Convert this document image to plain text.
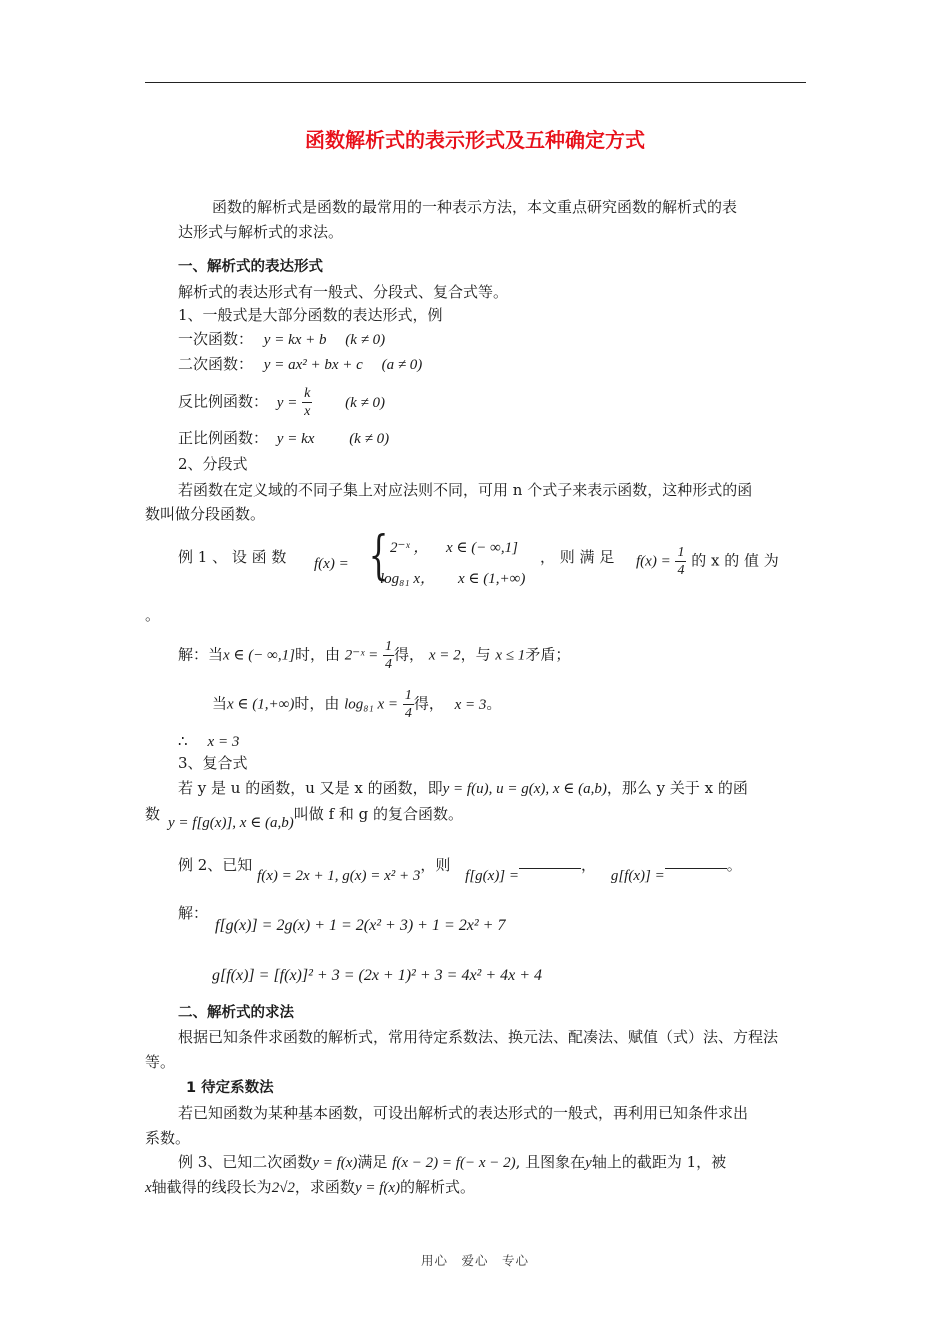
函数解析式的表示形式及五种确定方式
函数的解析式是函数的最常用的一种表示方法，本文重点研究函数的解析式的表
达形式与解析式的求法。
一、解析式的表达形式
解析式的表达形式有一般式、分段式、复合式等。
1、一般式是大部分函数的表达形式，例
一次函数： y = kx + b (k ≠ 0)
二次函数： y = ax² + bx + c (a ≠ 0)
反比例函数： $y = \frac{k}{x} (k \ne 0)$
正比例函数： y = kx (k ≠ 0)
2、分段式
若函数在定义域的不同子集上对应法则不同，可用 n 个式子来表示函数，这种形式的函
数叫做分段函数。
例 1 、 设 函 数 f(x) = { 2⁻ˣ ， x ∈ (− ∞,1]
log₈₁ x， x ∈ (1,+∞)
， 则 满 足 $f(x) = \frac{1}{4}$ 的 x 的 值 为
。
解：当x ∈ (− ∞,1]时，由 2⁻ˣ = $\frac{1}{4}$ 得， x = 2，与 x ≤ 1矛盾；
当x ∈ (1,+∞)时，由 log₈₁ $x = \frac{1}{4}$ 得， x = 3。
∴ x = 3
3、复合式
若 y 是 u 的函数，u 又是 x 的函数，即y = f(u), u = g(x), x ∈ (a,b)，那么 y 关于 x 的函
数 y = f[g(x)], x ∈ (a,b)叫做 f 和 g 的复合函数。
例 2、已知 f(x) = 2x + 1, g(x) = x² + 3，则 f[g(x)] =， g[f(x)] =。
解：
f[g(x)] = 2g(x) + 1 = 2(x² + 3) + 1 = 2x² + 7
g[f(x)] = [f(x)]² + 3 = (2x + 1)² + 3 = 4x² + 4x + 4
二、解析式的求法
根据已知条件求函数的解析式，常用待定系数法、换元法、配凑法、赋值（式）法、方程法
等。
1 待定系数法
若已知函数为某种基本函数，可设出解析式的表达形式的一般式，再利用已知条件求出
系数。
例 3、已知二次函数y = f(x)满足 f(x − 2) = f(− x − 2), 且图象在y轴上的截距为 1，被
x轴截得的线段长为2√2，求函数y = f(x)的解析式。
用心　爱心　专心
